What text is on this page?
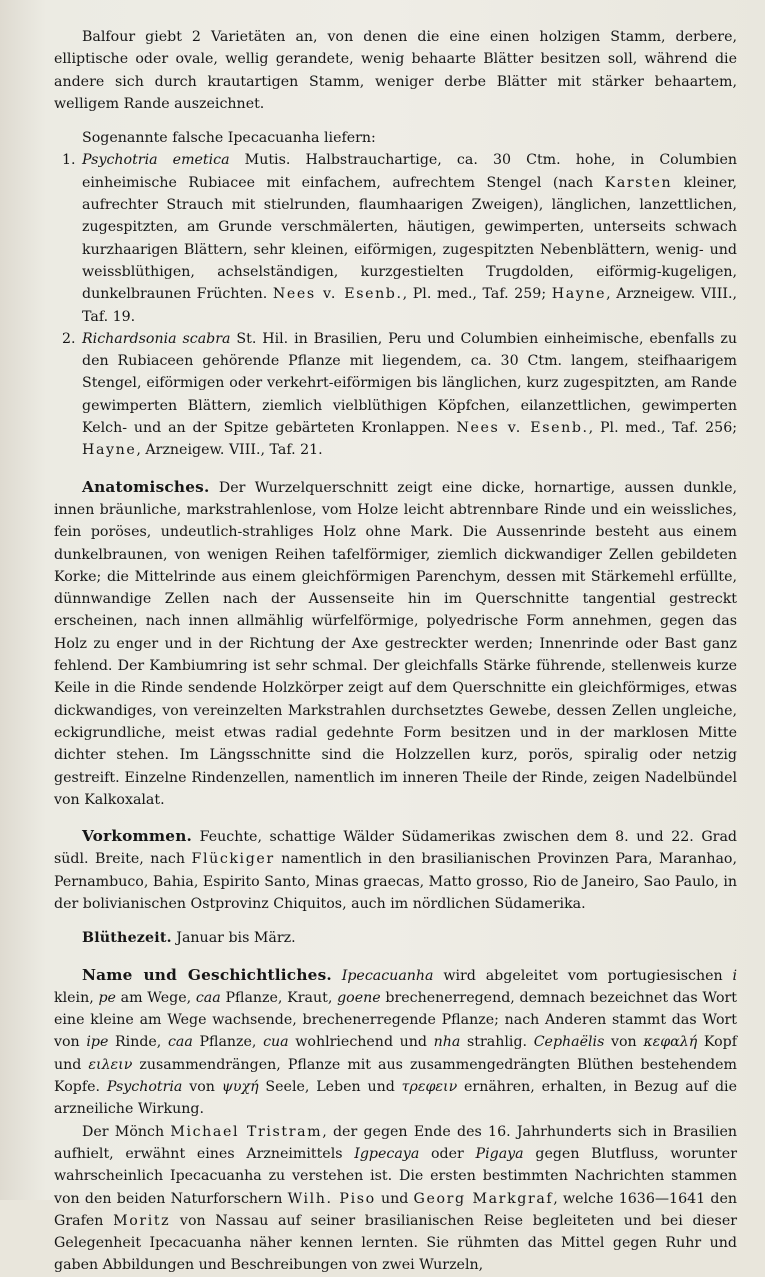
Balfour giebt 2 Varietäten an, von denen die eine einen holzigen Stamm, derbere, elliptische oder ovale, wellig gerandete, wenig behaarte Blätter besitzen soll, während die andere sich durch krautartigen Stamm, weniger derbe Blätter mit stärker behaartem, welligem Rande auszeichnet.

Sogenannte falsche Ipecacuanha liefern:

1. Psychotria emetica Mutis. Halbstrauchartige, ca. 30 Ctm. hohe, in Columbien einheimische Rubiacee mit einfachem, aufrechtem Stengel (nach Karsten kleiner, aufrechter Strauch mit stielrunden, flaumhaarigen Zweigen), länglichen, lanzettlichen, zugespitzten, am Grunde verschmälerten, häutigen, gewimperten, unterseits schwach kurzhaarigen Blättern, sehr kleinen, eiförmigen, zugespitzten Nebenblättern, wenig- und weissblüthigen, achselständigen, kurzgestielten Trugdolden, eiförmig-kugeligen, dunkelbraunen Früchten. Nees v. Esenb., Pl. med., Taf. 259; Hayne, Arzneigew. VIII., Taf. 19.

2. Richardsonia scabra St. Hil. in Brasilien, Peru und Columbien einheimische, ebenfalls zu den Rubiaceen gehörende Pflanze mit liegendem, ca. 30 Ctm. langem, steifhaarigem Stengel, eiförmigen oder verkehrt-eiförmigen bis länglichen, kurz zugespitzten, am Rande gewimperten Blättern, ziemlich vielblüthigen Köpfchen, eilanzettlichen, gewimperten Kelch- und an der Spitze gebärteten Kronlappen. Nees v. Esenb., Pl. med., Taf. 256; Hayne, Arzneigew. VIII., Taf. 21.

Anatomisches. Der Wurzelquerschnitt zeigt eine dicke, hornartige, aussen dunkle, innen bräunliche, markstrahlenlose, vom Holze leicht abtrennbare Rinde und ein weissliches, fein poröses, undeutlich-strahliges Holz ohne Mark. Die Aussenrinde besteht aus einem dunkelbraunen, von wenigen Reihen tafelförmiger, ziemlich dickwandiger Zellen gebildeten Korke; die Mittelrinde aus einem gleichförmigen Parenchym, dessen mit Stärkemehl erfüllte, dünnwandige Zellen nach der Aussenseite hin im Querschnitte tangential gestreckt erscheinen, nach innen allmählig würfelförmige, polyedrische Form annehmen, gegen das Holz zu enger und in der Richtung der Axe gestreckter werden; Innenrinde oder Bast ganz fehlend. Der Kambiumring ist sehr schmal. Der gleichfalls Stärke führende, stellenweis kurze Keile in die Rinde sendende Holzkörper zeigt auf dem Querschnitte ein gleichförmiges, etwas dickwandiges, von vereinzelten Markstrahlen durchsetztes Gewebe, dessen Zellen ungleiche, eckigrundliche, meist etwas radial gedehnte Form besitzen und in der marklosen Mitte dichter stehen. Im Längsschnitte sind die Holzzellen kurz, porös, spiralig oder netzig gestreift. Einzelne Rindenzellen, namentlich im inneren Theile der Rinde, zeigen Nadelbündel von Kalkoxalat.

Vorkommen. Feuchte, schattige Wälder Südamerikas zwischen dem 8. und 22. Grad südl. Breite, nach Flückiger namentlich in den brasilianischen Provinzen Para, Maranhao, Pernambuco, Bahia, Espirito Santo, Minas graecas, Matto grosso, Rio de Janeiro, Sao Paulo, in der bolivianischen Ostprovinz Chiquitos, auch im nördlichen Südamerika.

Blüthezeit. Januar bis März.

Name und Geschichtliches. Ipecacuanha wird abgeleitet vom portugiesischen i klein, pe am Wege, caa Pflanze, Kraut, goene brechenerregend, demnach bezeichnet das Wort eine kleine am Wege wachsende, brechenerregende Pflanze; nach Anderen stammt das Wort von ipe Rinde, caa Pflanze, cua wohlriechend und nha strahlig. Cephaëlis von κεφαλή Kopf und ειλειν zusammendrängen, Pflanze mit aus zusammengedrängten Blüthen bestehendem Kopfe. Psychotria von ψυχή Seele, Leben und τρεφειν ernähren, erhalten, in Bezug auf die arzneiliche Wirkung.

Der Mönch Michael Tristram, der gegen Ende des 16. Jahrhunderts sich in Brasilien aufhielt, erwähnt eines Arzneimittels Igpecaya oder Pigaya gegen Blutfluss, worunter wahrscheinlich Ipecacuanha zu verstehen ist. Die ersten bestimmten Nachrichten stammen von den beiden Naturforschern Wilh. Piso und Georg Markgraf, welche 1636—1641 den Grafen Moritz von Nassau auf seiner brasilianischen Reise begleiteten und bei dieser Gelegenheit Ipecacuanha näher kennen lernten. Sie rühmten das Mittel gegen Ruhr und gaben Abbildungen und Beschreibungen von zwei Wurzeln,
